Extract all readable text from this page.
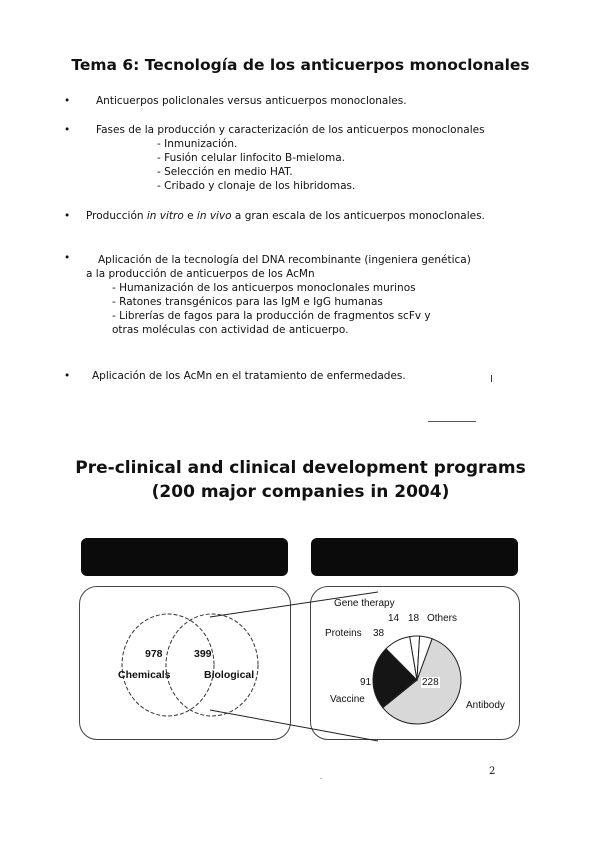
Tema 6: Tecnología de los anticuerpos monoclonales
• Anticuerpos policlonales versus anticuerpos monoclonales.
• Fases de la producción y caracterización de los anticuerpos monoclonales
- Inmunización.
- Fusión celular linfocito B-mieloma.
- Selección en medio HAT.
- Cribado y clonaje de los hibridomas.
• Producción in vitro e in vivo a gran escala de los anticuerpos monoclonales.
•	Aplicación de la tecnología del DNA recombinante (ingeniera genética)
a la producción de anticuerpos de los AcMn
- Humanización de los anticuerpos monoclonales murinos
- Ratones transgénicos para las IgM e IgG humanas
- Librerías de fagos para la producción de fragmentos scFv y
otras moléculas con actividad de anticuerpo.
• Aplicación de los AcMn en el tratamiento de enfermedades.
Pre-clinical and clinical development programs
(200 major companies in 2004)
978	399
Chemicals	Biological
Gene therapy
14 18 Others
Proteins 38
91
Vaccine
228
Antibody
.
2
